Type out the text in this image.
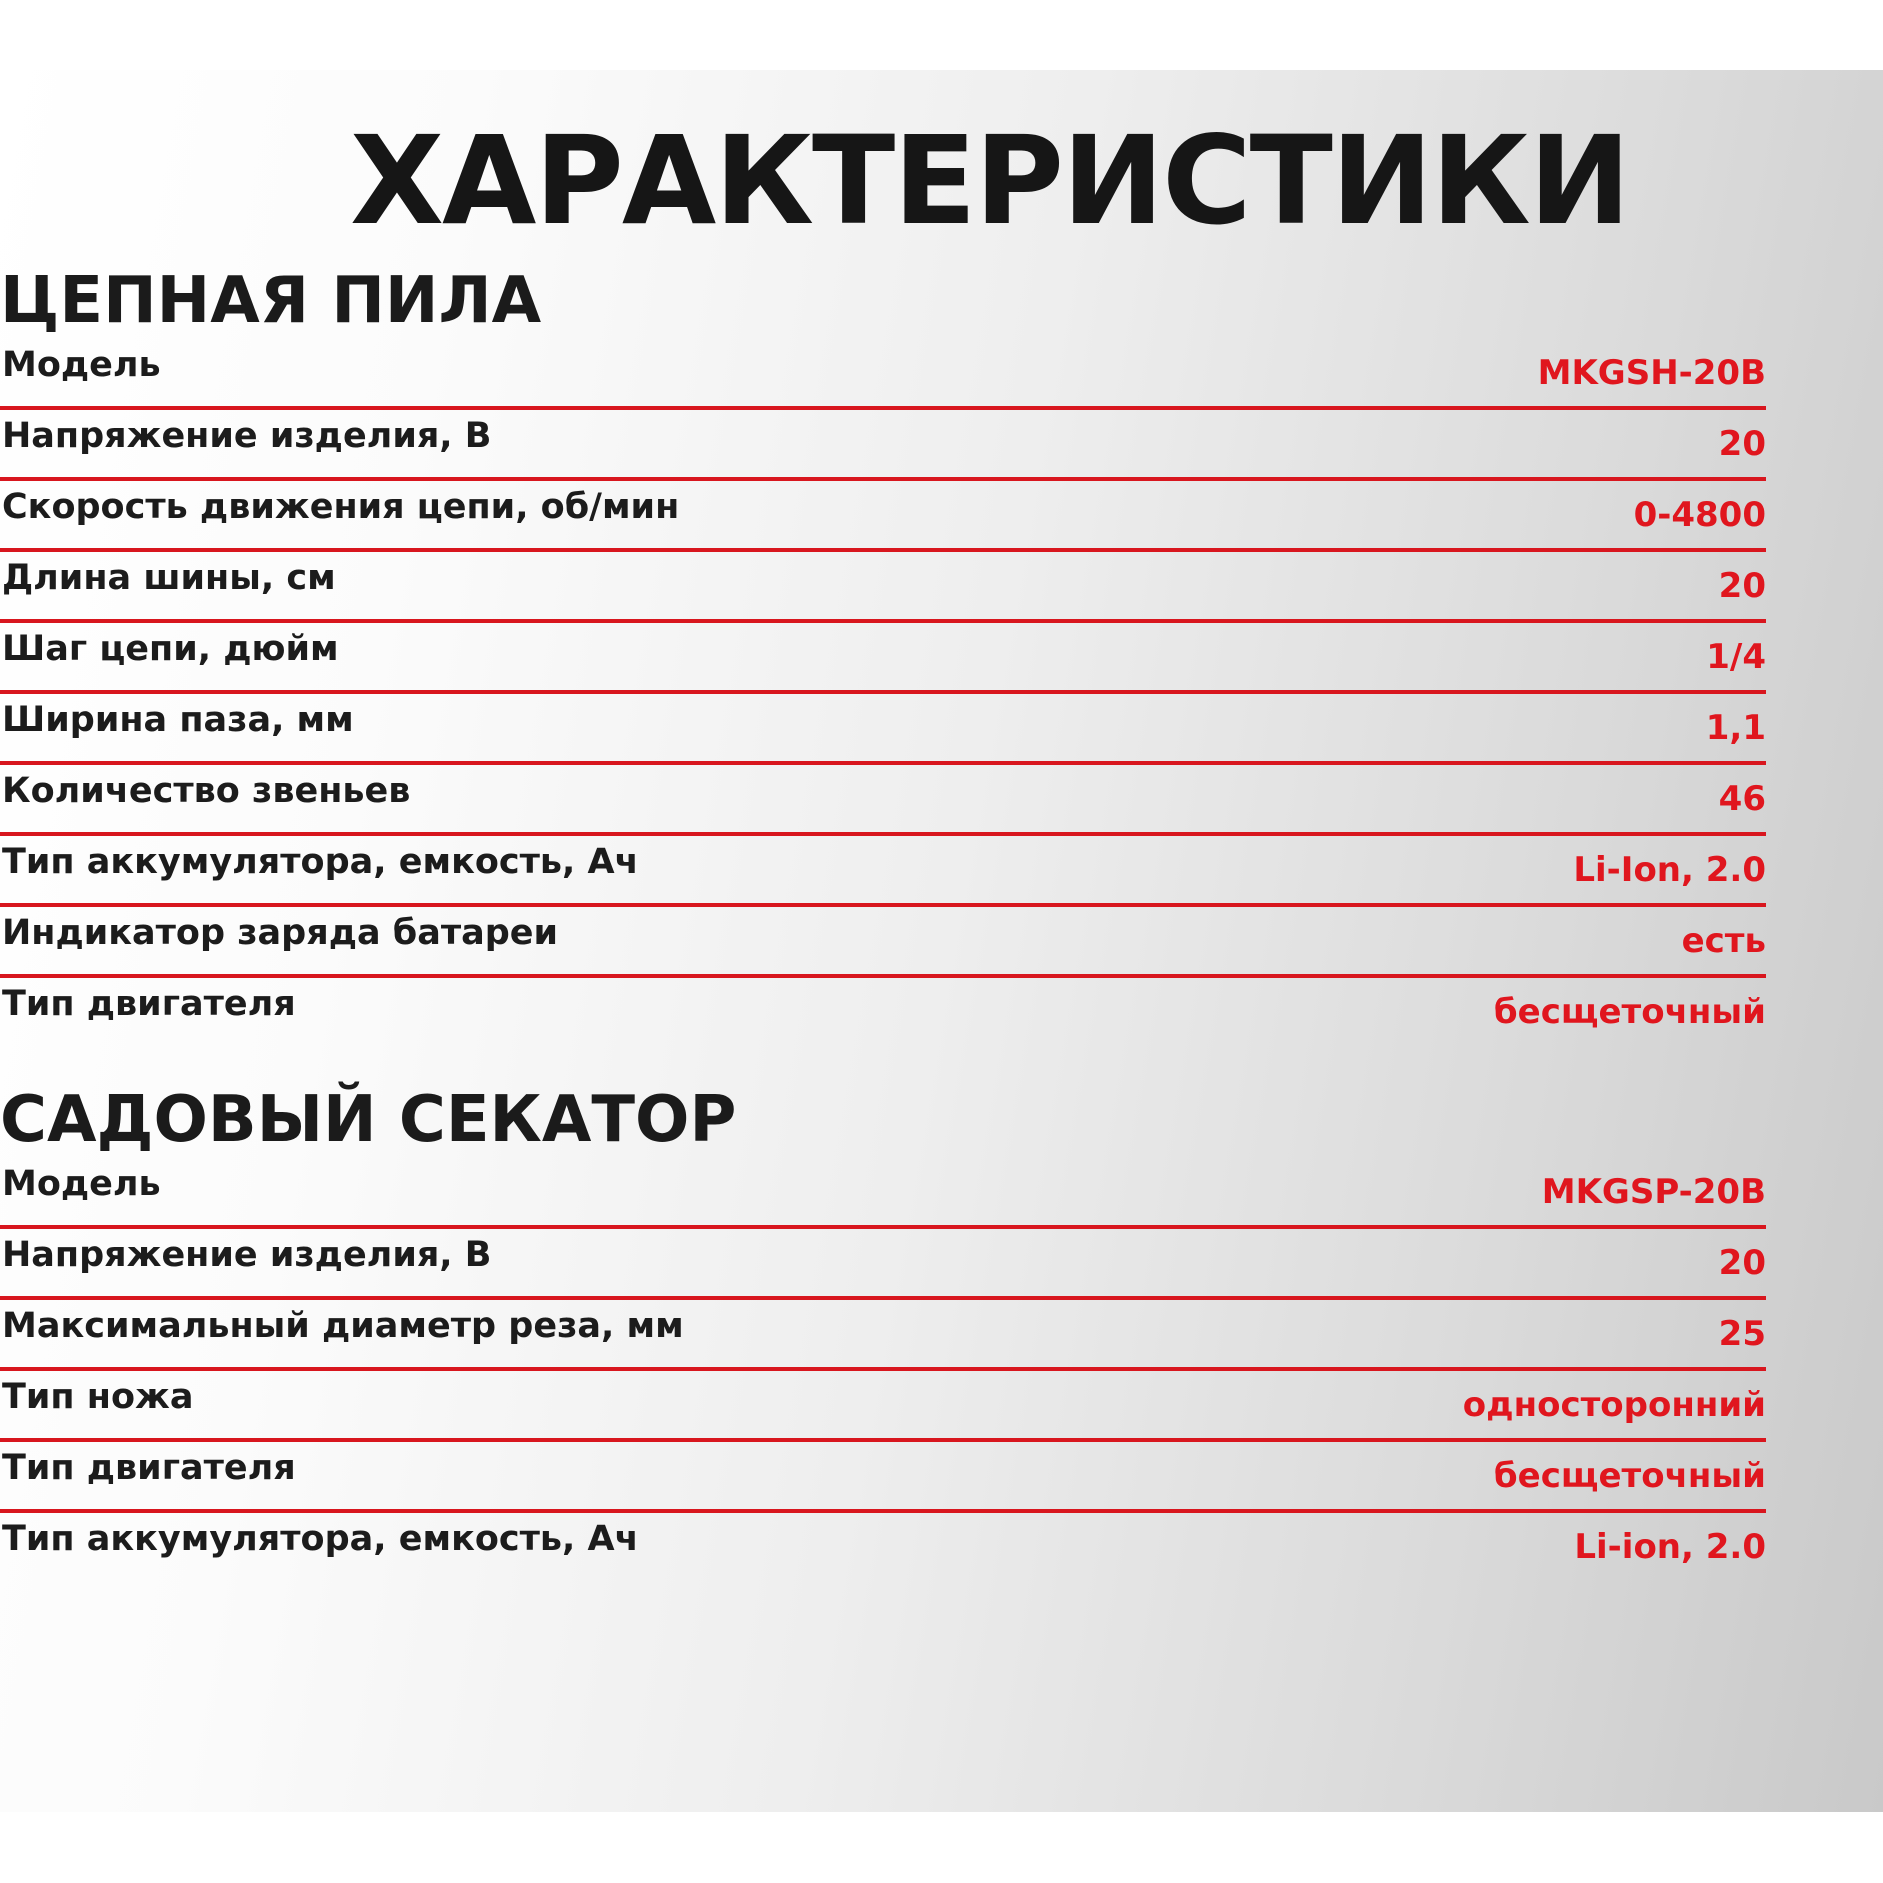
ХАРАКТЕРИСТИКИ
ЦЕПНАЯ ПИЛА
Модель	MKGSH-20B
Напряжение изделия, В	20
Скорость движения цепи, об/мин	0-4800
Длина шины, см	20
Шаг цепи, дюйм	1/4
Ширина паза, мм	1,1
Количество звеньев	46
Тип аккумулятора, емкость, Ач	Li-Ion, 2.0
Индикатор заряда батареи	есть
Тип двигателя	бесщеточный
САДОВЫЙ СЕКАТОР
Модель	MKGSP-20B
Напряжение изделия, В	20
Максимальный диаметр реза, мм	25
Тип ножа	односторонний
Тип двигателя	бесщеточный
Тип аккумулятора, емкость, Ач	Li-ion, 2.0
